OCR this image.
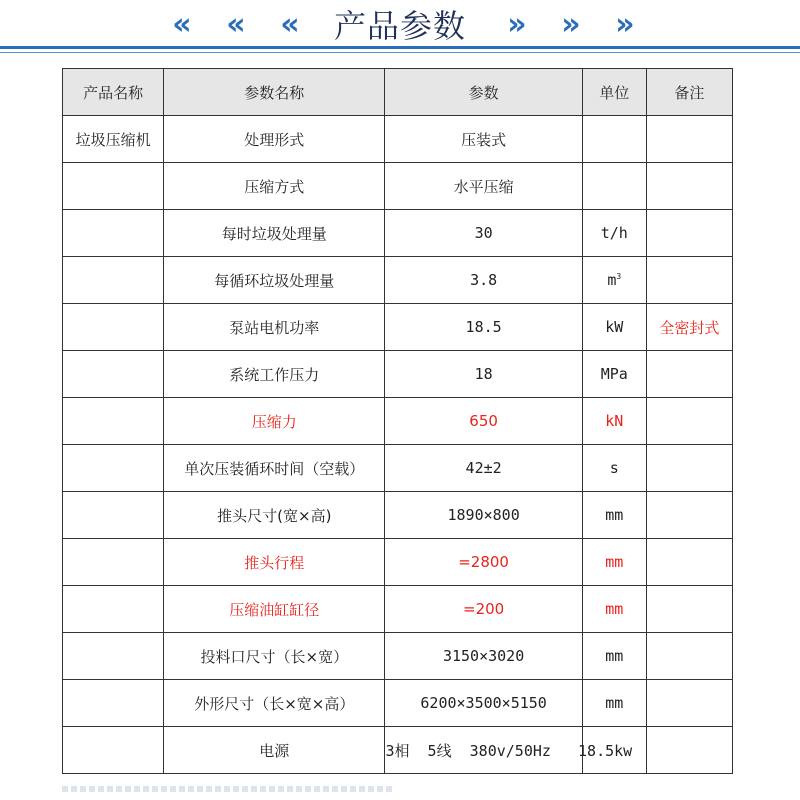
«	«	«	产品参数	»	»	»
产品名称	参数名称	参数	单位	备注
垃圾压缩机	处理形式	压装式		
	压缩方式	水平压缩		
	每时垃圾处理量	30	t/h	
	每循环垃圾处理量	3.8	$m^3$	
	泵站电机功率	18.5	kW	全密封式
	系统工作压力	18	MPa	
	压缩力	650	kN	
	单次压装循环时间（空载）	42±2	s	
	推头尺寸(宽×高)	1890×800	mm	
	推头行程	=2800	mm	
	压缩油缸缸径	=200	mm	
	投料口尺寸（长×宽）	3150×3020	mm	
	外形尺寸（长×宽×高）	6200×3500×5150	mm	
	电源	3相  5线  380v/50Hz   18.5kw		
